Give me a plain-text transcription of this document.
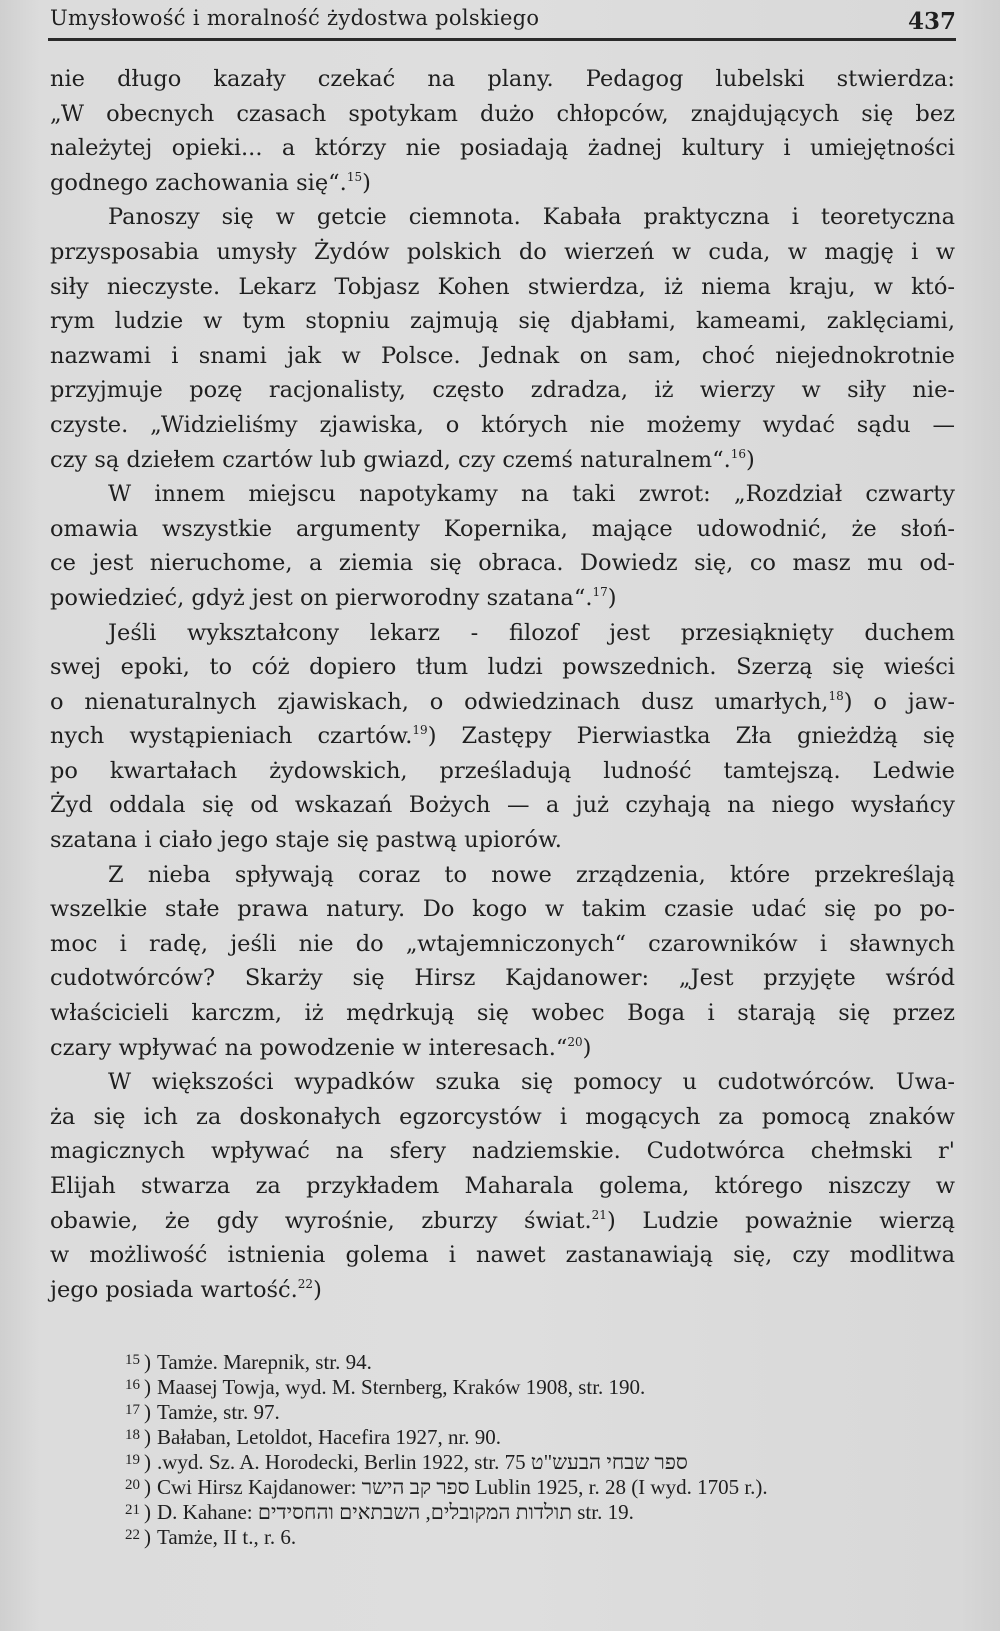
Umysłowość i moralność żydostwa polskiego	437
nie długo kazały czekać na plany. Pedagog lubelski stwierdza:
„W obecnych czasach spotykam dużo chłopców, znajdujących się bez
należytej opieki... a którzy nie posiadają żadnej kultury i umiejętności
godnego zachowania się“.$^{15}$)
Panoszy się w getcie ciemnota. Kabała praktyczna i teoretyczna
przysposabia umysły Żydów polskich do wierzeń w cuda, w magję i w
siły nieczyste. Lekarz Tobjasz Kohen stwierdza, iż niema kraju, w któ-
rym ludzie w tym stopniu zajmują się djabłami, kameami, zaklęciami,
nazwami i snami jak w Polsce. Jednak on sam, choć niejednokrotnie
przyjmuje pozę racjonalisty, często zdradza, iż wierzy w siły nie-
czyste. „Widzieliśmy zjawiska, o których nie możemy wydać sądu —
czy są dziełem czartów lub gwiazd, czy czemś naturalnem“.$^{16}$)
W innem miejscu napotykamy na taki zwrot: „Rozdział czwarty
omawia wszystkie argumenty Kopernika, mające udowodnić, że słoń-
ce jest nieruchome, a ziemia się obraca. Dowiedz się, co masz mu od-
powiedzieć, gdyż jest on pierworodny szatana“.$^{17}$)
Jeśli wykształcony lekarz - filozof jest przesiąknięty duchem
swej epoki, to cóż dopiero tłum ludzi powszednich. Szerzą się wieści
o nienaturalnych zjawiskach, o odwiedzinach dusz umarłych,$^{18}$) o jaw-
nych wystąpieniach czartów.$^{19}$) Zastępy Pierwiastka Zła gnieżdżą się
po kwartałach żydowskich, prześladują ludność tamtejszą. Ledwie
Żyd oddala się od wskazań Bożych — a już czyhają na niego wysłańcy
szatana i ciało jego staje się pastwą upiorów.
Z nieba spływają coraz to nowe zrządzenia, które przekreślają
wszelkie stałe prawa natury. Do kogo w takim czasie udać się po po-
moc i radę, jeśli nie do „wtajemniczonych“ czarowników i sławnych
cudotwórców? Skarży się Hirsz Kajdanower: „Jest przyjęte wśród
właścicieli karczm, iż mędrkują się wobec Boga i starają się przez
czary wpływać na powodzenie w interesach.“$^{20}$)
W większości wypadków szuka się pomocy u cudotwórców. Uwa-
ża się ich za doskonałych egzorcystów i mogących za pomocą znaków
magicznych wpływać na sfery nadziemskie. Cudotwórca chełmski r'
Elijah stwarza za przykładem Maharala golema, którego niszczy w
obawie, że gdy wyrośnie, zburzy świat.$^{21}$) Ludzie poważnie wierzą
w możliwość istnienia golema i nawet zastanawiają się, czy modlitwa
jego posiada wartość.$^{22}$)
15 ) Tamże. Marepnik, str. 94.
16 ) Maasej Towja, wyd. M. Sternberg, Kraków 1908, str. 190.
17 ) Tamże, str. 97.
18 ) Bałaban, Letoldot, Hacefira 1927, nr. 90.
19 ) ספר שבחי הבעש"ט wyd. Sz. A. Horodecki, Berlin 1922, str. 75.
20 ) Cwi Hirsz Kajdanower: ספר קב הישר Lublin 1925, r. 28 (I wyd. 1705 r.).
21 ) D. Kahane: תולדות המקובלים, השבתאים והחסידים str. 19.
22 ) Tamże, II t., r. 6.
